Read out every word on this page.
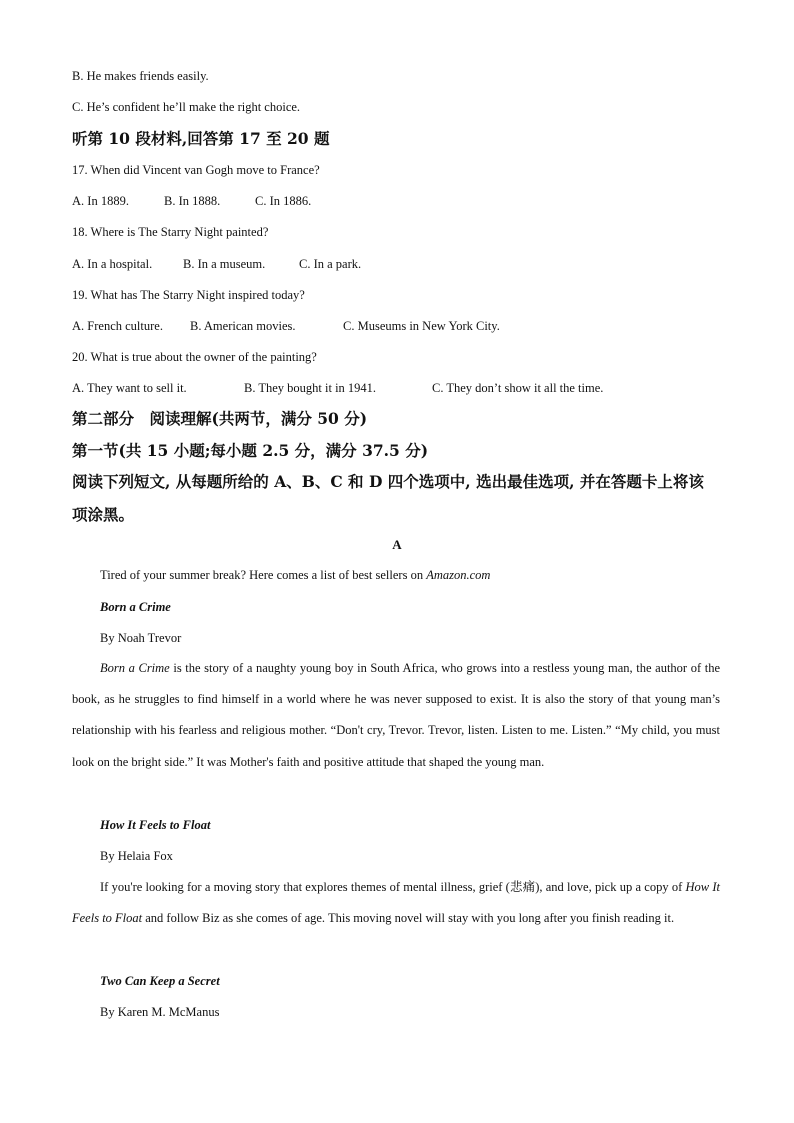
B. He makes friends easily.
C. He’s confident he’ll make the right choice.
听第 10 段材料,回答第 17 至 20 题
17. When did Vincent van Gogh move to France?
A. In 1889.	B. In 1888.	C. In 1886.
18. Where is The Starry Night painted?
A. In a hospital. B. In a museum.	C. In a park.
19. What has The Starry Night inspired today?
A. French culture. B. American movies.	C. Museums in New York City.
20. What is true about the owner of the painting?
A. They want to sell it.	B. They bought it in 1941.	C. They don’t show it all the time.
第二部分　阅读理解(共两节，满分 50 分)
第一节(共 15 小题;每小题 2.5 分，满分 37.5 分)
阅读下列短文, 从每题所给的 A、B、C 和 D 四个选项中, 选出最佳选项, 并在答题卡上将该
项涂黑。
A
Tired of your summer break? Here comes a list of best sellers on Amazon.com
Born a Crime
By Noah Trevor
Born a Crime is the story of a naughty young boy in South Africa, who grows into a restless young man, the author of the book, as he struggles to find himself in a world where he was never supposed to exist. It is also the story of that young man’s relationship with his fearless and religious mother. “Don't cry, Trevor. Trevor, listen. Listen to me. Listen.” “My child, you must look on the bright side.” It was Mother's faith and positive attitude that shaped the young man.
How It Feels to Float
By Helaia Fox
If you're looking for a moving story that explores themes of mental illness, grief (悲痛), and love, pick up a copy of How It Feels to Float and follow Biz as she comes of age. This moving novel will stay with you long after you finish reading it.
Two Can Keep a Secret
By Karen M. McManus
